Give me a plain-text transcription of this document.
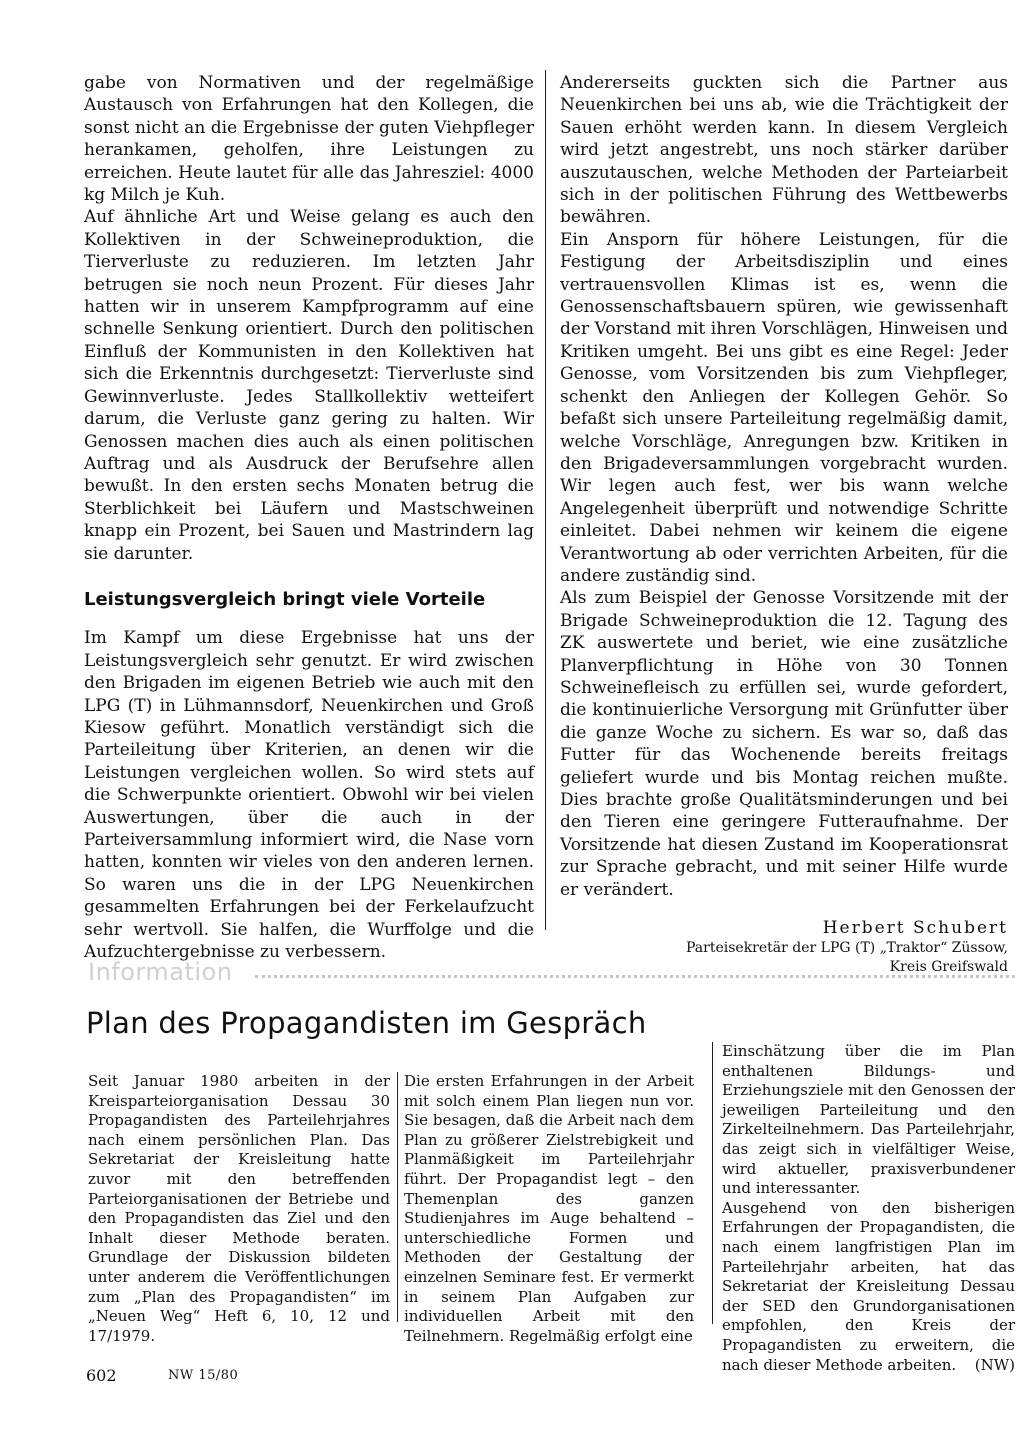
gabe von Normativen und der regelmäßige Austausch von Erfahrungen hat den Kollegen, die sonst nicht an die Ergebnisse der guten Viehpfleger herankamen, geholfen, ihre Leistungen zu erreichen. Heute lautet für alle das Jahresziel: 4000 kg Milch je Kuh.

Auf ähnliche Art und Weise gelang es auch den Kollektiven in der Schweineproduktion, die Tierverluste zu reduzieren. Im letzten Jahr betrugen sie noch neun Prozent. Für dieses Jahr hatten wir in unserem Kampfprogramm auf eine schnelle Senkung orientiert. Durch den politischen Einfluß der Kommunisten in den Kollektiven hat sich die Erkenntnis durchgesetzt: Tierverluste sind Gewinnverluste. Jedes Stallkollektiv wetteifert darum, die Verluste ganz gering zu halten. Wir Genossen machen dies auch als einen politischen Auftrag und als Ausdruck der Berufsehre allen bewußt. In den ersten sechs Monaten betrug die Sterblichkeit bei Läufern und Mastschweinen knapp ein Prozent, bei Sauen und Mastrindern lag sie darunter.

Leistungsvergleich bringt viele Vorteile

Im Kampf um diese Ergebnisse hat uns der Leistungsvergleich sehr genutzt. Er wird zwischen den Brigaden im eigenen Betrieb wie auch mit den LPG (T) in Lühmannsdorf, Neuenkirchen und Groß Kiesow geführt. Monatlich verständigt sich die Parteileitung über Kriterien, an denen wir die Leistungen vergleichen wollen. So wird stets auf die Schwerpunkte orientiert. Obwohl wir bei vielen Auswertungen, über die auch in der Parteiversammlung informiert wird, die Nase vorn hatten, konnten wir vieles von den anderen lernen. So waren uns die in der LPG Neuenkirchen gesammelten Erfahrungen bei der Ferkelaufzucht sehr wertvoll. Sie halfen, die Wurffolge und die Aufzuchtergebnisse zu verbessern.

Andererseits guckten sich die Partner aus Neuenkirchen bei uns ab, wie die Trächtigkeit der Sauen erhöht werden kann. In diesem Vergleich wird jetzt angestrebt, uns noch stärker darüber auszutauschen, welche Methoden der Parteiarbeit sich in der politischen Führung des Wettbewerbs bewähren.

Ein Ansporn für höhere Leistungen, für die Festigung der Arbeitsdisziplin und eines vertrauensvollen Klimas ist es, wenn die Genossenschaftsbauern spüren, wie gewissenhaft der Vorstand mit ihren Vorschlägen, Hinweisen und Kritiken umgeht. Bei uns gibt es eine Regel: Jeder Genosse, vom Vorsitzenden bis zum Viehpfleger, schenkt den Anliegen der Kollegen Gehör. So befaßt sich unsere Parteileitung regelmäßig damit, welche Vorschläge, Anregungen bzw. Kritiken in den Brigadeversammlungen vorgebracht wurden. Wir legen auch fest, wer bis wann welche Angelegenheit überprüft und notwendige Schritte einleitet. Dabei nehmen wir keinem die eigene Verantwortung ab oder verrichten Arbeiten, für die andere zuständig sind.

Als zum Beispiel der Genosse Vorsitzende mit der Brigade Schweineproduktion die 12. Tagung des ZK auswertete und beriet, wie eine zusätzliche Planverpflichtung in Höhe von 30 Tonnen Schweinefleisch zu erfüllen sei, wurde gefordert, die kontinuierliche Versorgung mit Grünfutter über die ganze Woche zu sichern. Es war so, daß das Futter für das Wochenende bereits freitags geliefert wurde und bis Montag reichen mußte. Dies brachte große Qualitätsminderungen und bei den Tieren eine geringere Futteraufnahme. Der Vorsitzende hat diesen Zustand im Kooperationsrat zur Sprache gebracht, und mit seiner Hilfe wurde er verändert.

Herbert Schubert
Parteisekretär der LPG (T) „Traktor“ Züssow,
Kreis Greifswald
Information
Plan des Propagandisten im Gespräch

Seit Januar 1980 arbeiten in der Kreisparteiorganisation Dessau 30 Propagandisten des Parteilehrjahres nach einem persönlichen Plan. Das Sekretariat der Kreisleitung hatte zuvor mit den betreffenden Parteiorganisationen der Betriebe und den Propagandisten das Ziel und den Inhalt dieser Methode beraten. Grundlage der Diskussion bildeten unter anderem die Veröffentlichungen zum „Plan des Propagandisten“ im „Neuen Weg“ Heft 6, 10, 12 und 17/1979.

Die ersten Erfahrungen in der Arbeit mit solch einem Plan liegen nun vor. Sie besagen, daß die Arbeit nach dem Plan zu größerer Zielstrebigkeit und Planmäßigkeit im Parteilehrjahr führt. Der Propagandist legt – den Themenplan des ganzen Studienjahres im Auge behaltend – unterschiedliche Formen und Methoden der Gestaltung der einzelnen Seminare fest. Er vermerkt in seinem Plan Aufgaben zur individuellen Arbeit mit den Teilnehmern. Regelmäßig erfolgt eine

Einschätzung über die im Plan enthaltenen Bildungs- und Erziehungsziele mit den Genossen der jeweiligen Parteileitung und den Zirkelteilnehmern. Das Parteilehrjahr, das zeigt sich in vielfältiger Weise, wird aktueller, praxisverbundener und interessanter.

Ausgehend von den bisherigen Erfahrungen der Propagandisten, die nach einem langfristigen Plan im Parteilehrjahr arbeiten, hat das Sekretariat der Kreisleitung Dessau der SED den Grundorganisationen empfohlen, den Kreis der Propagandisten zu erweitern, die nach dieser Methode arbeiten. (NW)

602	NW 15/80
